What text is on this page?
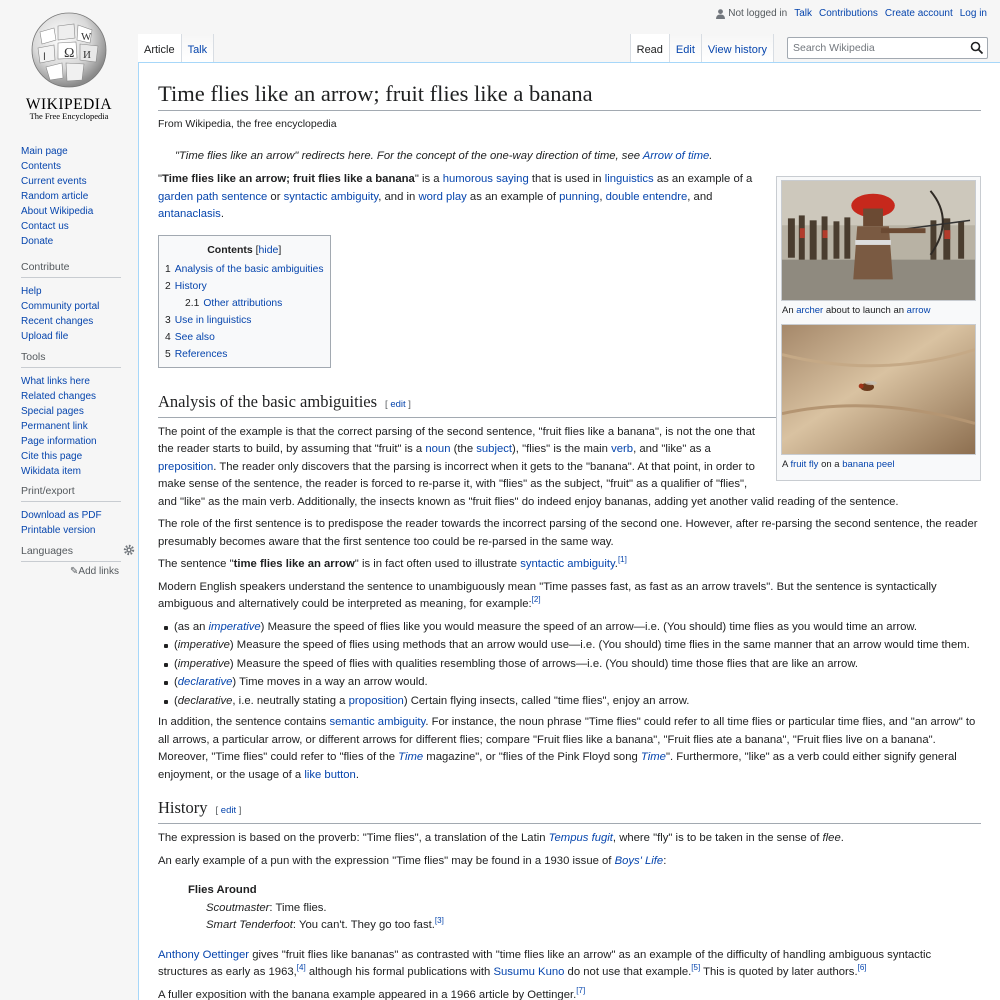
Ω
W
ا	И
WIKIPEDIA
The Free Encyclopedia
Main page
Contents
Current events
Random article
About Wikipedia
Contact us
Donate
Contribute
Help
Community portal
Recent changes
Upload file
Tools
What links here
Related changes
Special pages
Permanent link
Page information
Cite this page
Wikidata item
Print/export
Download as PDF
Printable version
Languages
✎Add links
Not logged in Talk Contributions Create account Log in
Article	Talk	Read	Edit	View history
Search Wikipedia
Time flies like an arrow; fruit flies like a banana
From Wikipedia, the free encyclopedia
"Time flies like an arrow" redirects here. For the concept of the one-way direction of time, see Arrow of time.
An archer about to launch an arrow
A fruit fly on a banana peel

"Time flies like an arrow; fruit flies like a banana" is a humorous saying that is used in linguistics as an example of a garden path sentence or syntactic ambiguity, and in word play as an example of punning, double entendre, and antanaclasis.

Contents [hide]
1 Analysis of the basic ambiguities
2 History
2.1 Other attributions
3 Use in linguistics
4 See also
5 References
Analysis of the basic ambiguities [ edit ]

The point of the example is that the correct parsing of the second sentence, "fruit flies like a banana", is not the one that the reader starts to build, by assuming that "fruit" is a noun (the subject), "flies" is the main verb, and "like" as a preposition. The reader only discovers that the parsing is incorrect when it gets to the "banana". At that point, in order to make sense of the sentence, the reader is forced to re-parse it, with "flies" as the subject, "fruit" as a qualifier of "flies", and "like" as the main verb. Additionally, the insects known as "fruit flies" do indeed enjoy bananas, adding yet another valid reading of the sentence.

The role of the first sentence is to predispose the reader towards the incorrect parsing of the second one. However, after re-parsing the second sentence, the reader presumably becomes aware that the first sentence too could be re-parsed in the same way.

The sentence "time flies like an arrow" is in fact often used to illustrate syntactic ambiguity.[1]

Modern English speakers understand the sentence to unambiguously mean "Time passes fast, as fast as an arrow travels". But the sentence is syntactically ambiguous and alternatively could be interpreted as meaning, for example:[2]

(as an imperative) Measure the speed of flies like you would measure the speed of an arrow—i.e. (You should) time flies as you would time an arrow.
(imperative) Measure the speed of flies using methods that an arrow would use—i.e. (You should) time flies in the same manner that an arrow would time them.
(imperative) Measure the speed of flies with qualities resembling those of arrows—i.e. (You should) time those flies that are like an arrow.
(declarative) Time moves in a way an arrow would.
(declarative, i.e. neutrally stating a proposition) Certain flying insects, called "time flies", enjoy an arrow.

In addition, the sentence contains semantic ambiguity. For instance, the noun phrase "Time flies" could refer to all time flies or particular time flies, and "an arrow" to all arrows, a particular arrow, or different arrows for different flies; compare "Fruit flies like a banana", "Fruit flies ate a banana", "Fruit flies live on a banana". Moreover, "Time flies" could refer to "flies of the Time magazine", or "flies of the Pink Floyd song Time". Furthermore, "like" as a verb could either signify general enjoyment, or the usage of a like button.

History [ edit ]

The expression is based on the proverb: "Time flies", a translation of the Latin Tempus fugit, where "fly" is to be taken in the sense of flee.

An early example of a pun with the expression "Time flies" may be found in a 1930 issue of Boys' Life:

Flies Around
Scoutmaster: Time flies.
Smart Tenderfoot: You can't. They go too fast.[3]

Anthony Oettinger gives "fruit flies like bananas" as contrasted with "time flies like an arrow" as an example of the difficulty of handling ambiguous syntactic structures as early as 1963,[4] although his formal publications with Susumu Kuno do not use that example.[5] This is quoted by later authors.[6]

A fuller exposition with the banana example appeared in a 1966 article by Oettinger.[7]
